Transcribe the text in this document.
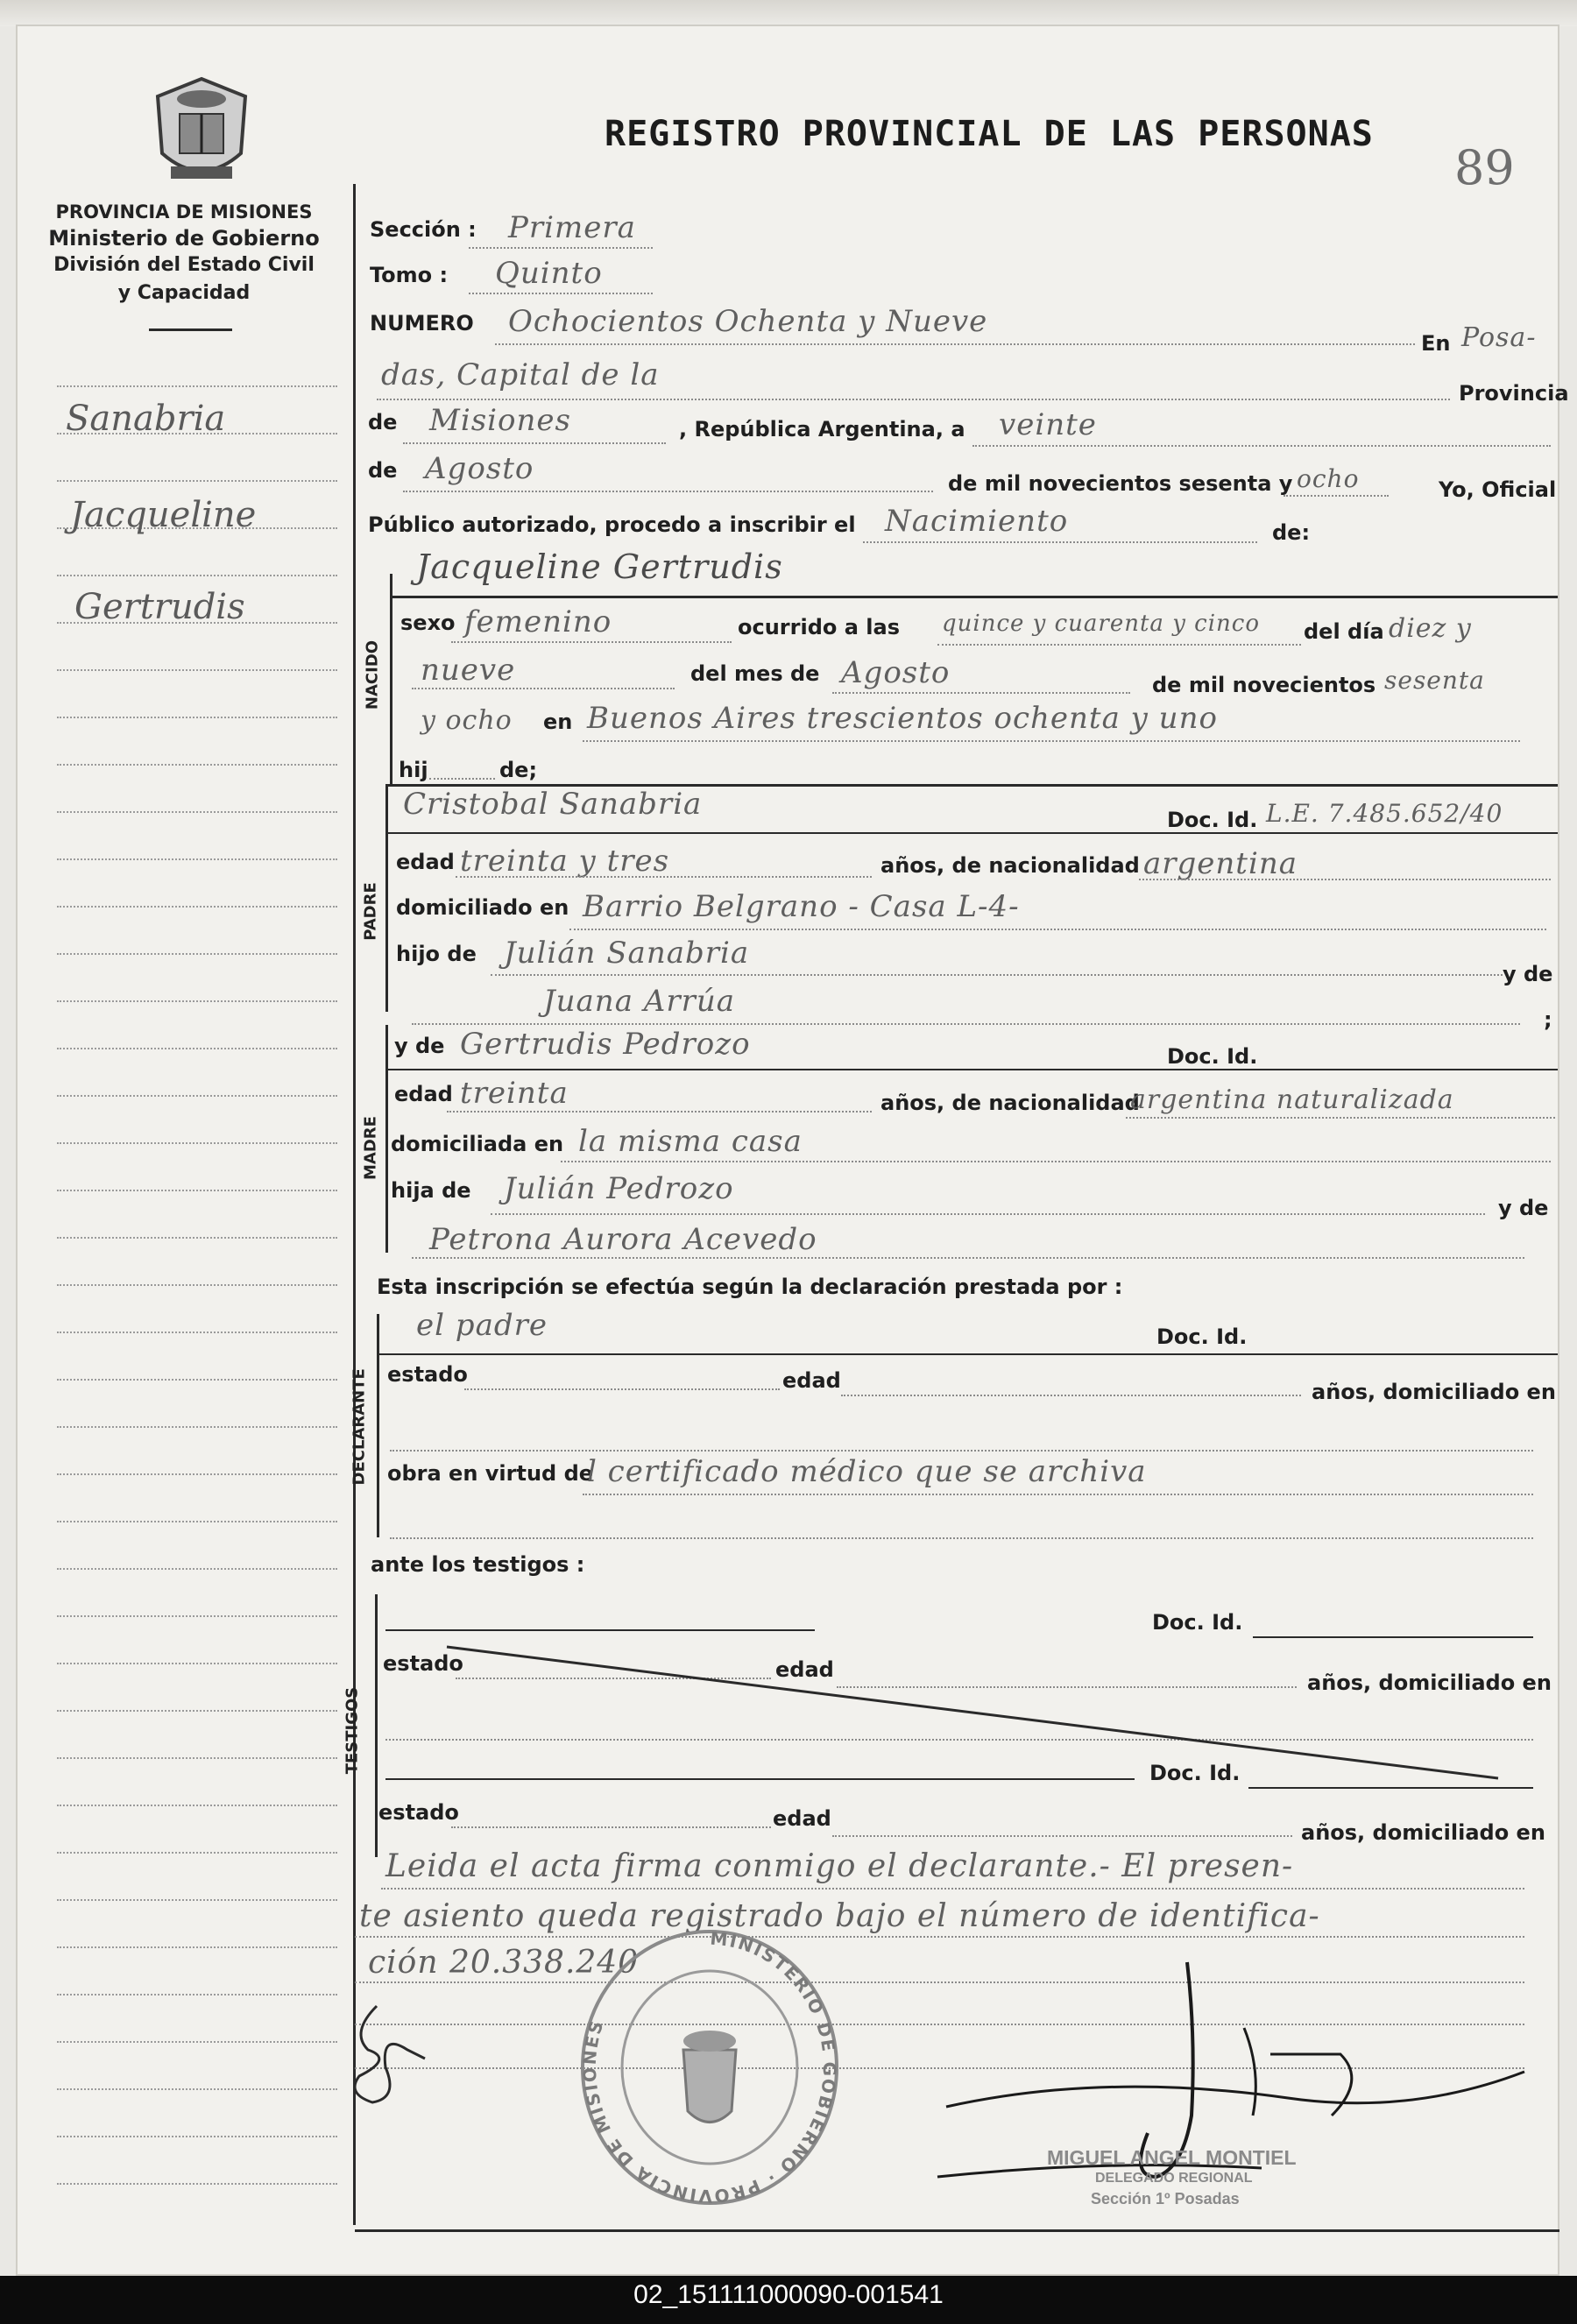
PROVINCIA DE MISIONES
Ministerio de Gobierno
División del Estado Civil
y Capacidad
REGISTRO PROVINCIAL DE LAS PERSONAS
89
Sanabria
Jacqueline
Gertrudis
Sección : Primera
Tomo : Quinto
NUMERO Ochocientos Ochenta y Nueve
En Posa-
das, Capital de la
Provincia
de Misiones	, República Argentina, a veinte
de Agosto	de mil novecientos sesenta y ocho	Yo, Oficial
Público autorizado, procedo a inscribir el Nacimiento	de:
NACIDO
Jacqueline Gertrudis
sexo femenino	ocurrido a las quince y cuarenta y cinco del día diez y
nueve	del mes de Agosto	de mil novecientos sesenta
y ocho en Buenos Aires trescientos ochenta y uno
hij	de;
PADRE
Cristobal Sanabria	Doc. Id. L.E. 7.485.652/40
edad treinta y tres	años, de nacionalidad argentina
domiciliado en Barrio Belgrano - Casa L-4-
hijo de Julián Sanabria
y de
Juana Arrúa
;
MADRE
y de Gertrudis Pedrozo	Doc. Id.
edad treinta	años, de nacionalidad
argentina naturalizada
domiciliada en la misma casa
hija de Julián Pedrozo
y de
Petrona Aurora Acevedo
Esta inscripción se efectúa según la declaración prestada por :
DECLARANTE
el padre	Doc. Id.
estado	edad	años, domiciliado en
obra en virtud de
l certificado médico que se archiva
ante los testigos :
TESTIGOS
Doc. Id.
estado	edad
años, domiciliado en
Doc. Id.
estado	edad
años, domiciliado en
Leida el acta firma conmigo el declarante.- El presen-
te asiento queda registrado bajo el número de identifica-
ción 20.338.240
MINISTERIO DE GOBIERNO · PROVINCIA DE MISIONES
MIGUEL ANGEL MONTIEL
DELEGADO REGIONAL
Sección 1º Posadas
02_151111000090-001541
